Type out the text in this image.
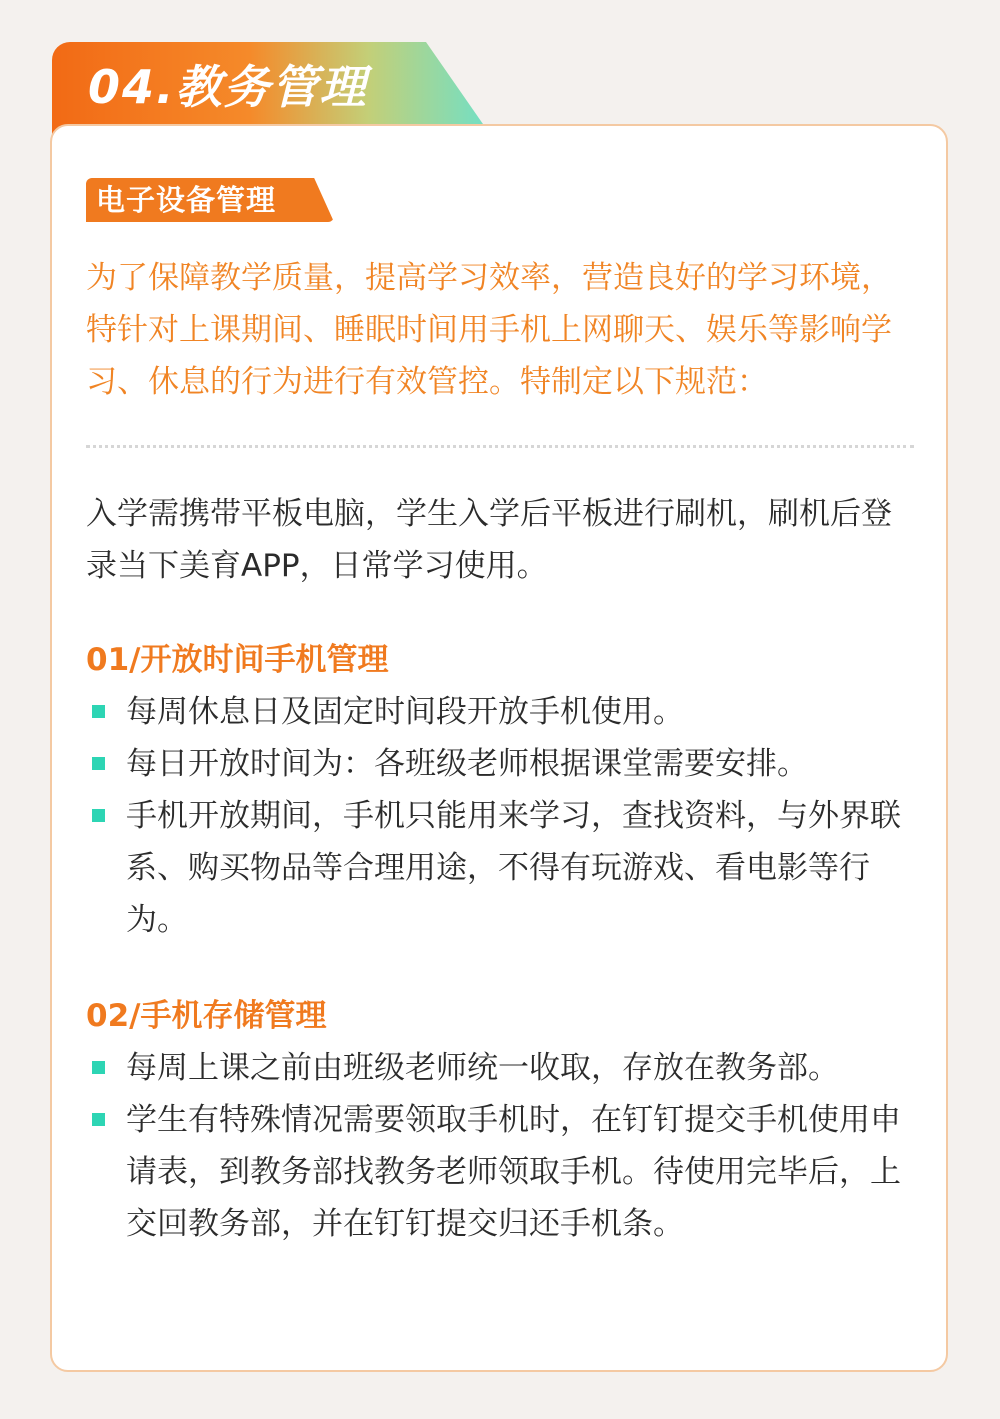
04.教务管理
电子设备管理

为了保障教学质量，提高学习效率，营造良好的学习环境，特针对上课期间、睡眠时间用手机上网聊天、娱乐等影响学习、休息的行为进行有效管控。特制定以下规范：

入学需携带平板电脑，学生入学后平板进行刷机，刷机后登录当下美育APP，日常学习使用。

01/开放时间手机管理
每周休息日及固定时间段开放手机使用。
每日开放时间为：各班级老师根据课堂需要安排。
手机开放期间，手机只能用来学习，查找资料，与外界联系、购买物品等合理用途，不得有玩游戏、看电影等行为。
02/手机存储管理
每周上课之前由班级老师统一收取，存放在教务部。
学生有特殊情况需要领取手机时，在钉钉提交手机使用申请表，到教务部找教务老师领取手机。待使用完毕后，上交回教务部，并在钉钉提交归还手机条。
